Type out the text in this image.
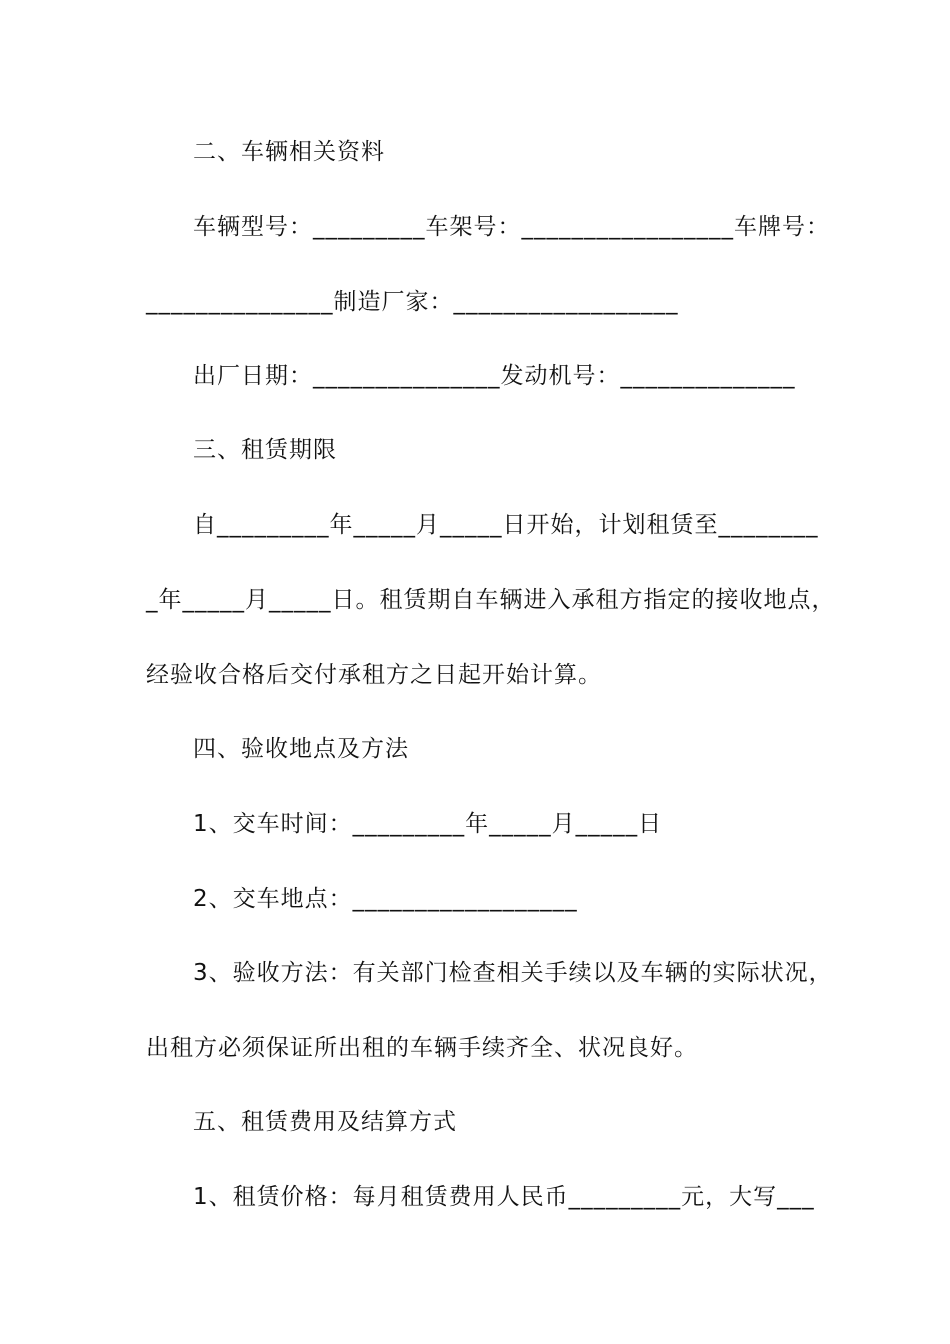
二、车辆相关资料
车辆型号：_________车架号：_________________车牌号：
_______________制造厂家：__________________
出厂日期：_______________发动机号：______________
三、租赁期限
自_________年_____月_____日开始，计划租赁至________
_年_____月_____日。租赁期自车辆进入承租方指定的接收地点，
经验收合格后交付承租方之日起开始计算。
四、验收地点及方法
1、交车时间：_________年_____月_____日
2、交车地点：__________________
3、验收方法：有关部门检查相关手续以及车辆的实际状况，
出租方必须保证所出租的车辆手续齐全、状况良好。
五、租赁费用及结算方式
1、租赁价格：每月租赁费用人民币_________元，大写___
